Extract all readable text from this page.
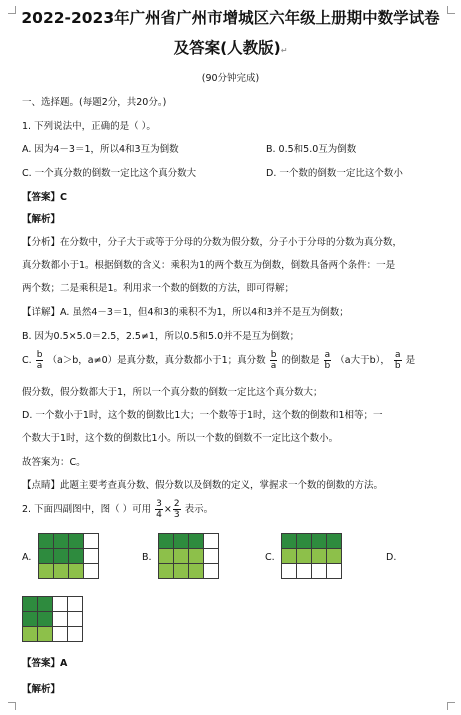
2022-2023年广州省广州市增城区六年级上册期中数学试卷
及答案(人教版)↵
(90分钟完成)
一、选择题。(每题2分，共20分。)
1. 下列说法中，正确的是（ ）。
A. 因为4－3＝1，所以4和3互为倒数	B. 0.5和5.0互为倒数
C. 一个真分数的倒数一定比这个真分数大	D. 一个数的倒数一定比这个数小
【答案】C
【解析】
【分析】在分数中，分子大于或等于分母的分数为假分数，分子小于分母的分数为真分数，
真分数都小于1。根据倒数的含义：乘积为1的两个数互为倒数，倒数具备两个条件：一是
两个数；二是乘积是1。利用求一个数的倒数的方法，即可得解；
【详解】A. 虽然4－3＝1，但4和3的乘积不为1，所以4和3并不是互为倒数；
B. 因为0.5×5.0＝2.5，2.5≠1，所以0.5和5.0并不是互为倒数；
C. $\frac{b}{a} (a>b$，a≠0）是真分数，真分数都小于1；真分数 $\frac{b}{a}$ 的倒数是 $\frac{a}{b} (a$大于b）， $\frac{a}{b}$ 是
假分数，假分数都大于1，所以一个真分数的倒数一定比这个真分数大；
D. 一个数小于1时，这个数的倒数比1大；一个数等于1时，这个数的倒数和1相等；一
个数大于1时，这个数的倒数比1小。所以一个数的倒数不一定比这个数小。
故答案为：C。
【点睛】此题主要考查真分数、假分数以及倒数的定义，掌握求一个数的倒数的方法。
2. 下面四副图中，图（ ）可用 $\frac{3}{4} \times \frac{2}{3}$ 表示。
A.

				B.

				C.

				D.

【答案】A
【解析】
